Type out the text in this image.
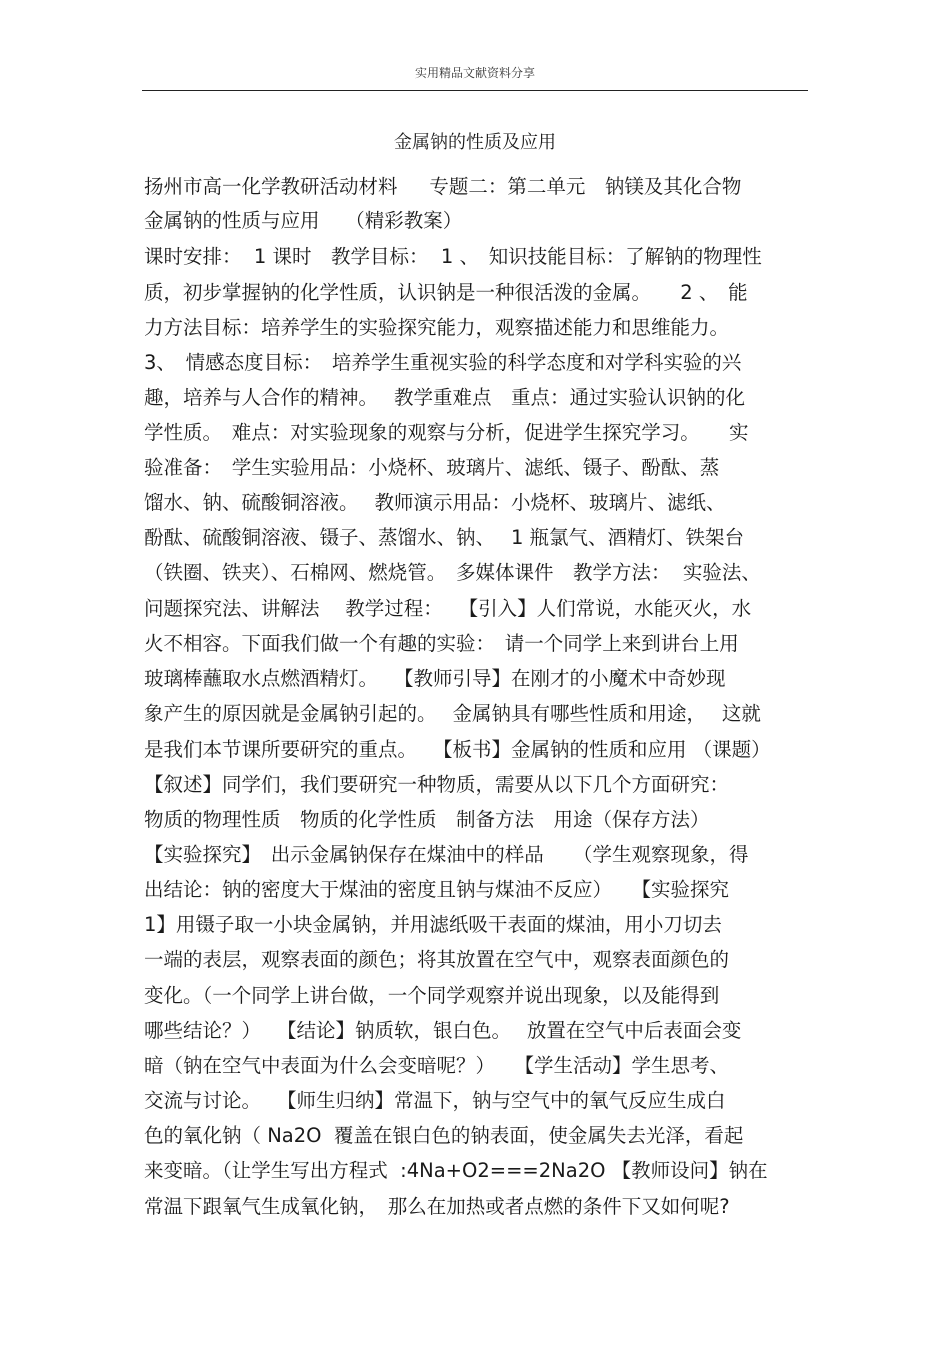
实用精品文献资料分享
金属钠的性质及应用
扬州市高一化学教研活动材料　  专题二：第二单元　钠镁及其化合物
金属钠的性质与应用　 （精彩教案）
课时安排：  1 课时　教学目标：  1 、　知识技能目标：了解钠的物理性
质，初步掌握钠的化学性质，认识钠是一种很活泼的金属。　　2 、　能
力方法目标：培养学生的实验探究能力，观察描述能力和思维能力。
3、　情感态度目标：　培养学生重视实验的科学态度和对学科实验的兴
趣，培养与人合作的精神。　 教学重难点　重点：通过实验认识钠的化
学性质。　难点：对实验现象的观察与分析，促进学生探究学习。　　实
验准备：　学生实验用品：小烧杯、玻璃片、滤纸、镊子、酚酞、蒸
馏水、钠、硫酸铜溶液。　 教师演示用品：小烧杯、玻璃片、滤纸、
酚酞、硫酸铜溶液、镊子、蒸馏水、钠、　 1 瓶氯气、酒精灯、铁架台
（铁圈、铁夹）、石棉网、燃烧管。　多媒体课件　教学方法：  实验法、
问题探究法、讲解法　 教学过程：　 【引入】人们常说，水能灭火，水
火不相容。下面我们做一个有趣的实验：　请一个同学上来到讲台上用
玻璃棒蘸取水点燃酒精灯。　 【教师引导】在刚才的小魔术中奇妙现
象产生的原因就是金属钠引起的。　 金属钠具有哪些性质和用途，　 这就
是我们本节课所要研究的重点。　 【板书】金属钠的性质和应用 （课题）
【叙述】同学们，我们要研究一种物质，需要从以下几个方面研究：
物质的物理性质　物质的化学性质　制备方法　用途（保存方法）
【实验探究】　出示金属钠保存在煤油中的样品　　（学生观察现象，得
出结论：钠的密度大于煤油的密度且钠与煤油不反应）　　【实验探究
1】用镊子取一小块金属钠，并用滤纸吸干表面的煤油，用小刀切去
一端的表层，观察表面的颜色；将其放置在空气中，观察表面颜色的
变化。（一个同学上讲台做，一个同学观察并说出现象，以及能得到
哪些结论？）　 【结论】钠质软，银白色。　 放置在空气中后表面会变
暗（钠在空气中表面为什么会变暗呢？）　　【学生活动】学生思考、
交流与讨论。　 【师生归纳】常温下，钠与空气中的氧气反应生成白
色的氧化钠（ Na2O  覆盖在银白色的钠表面，使金属失去光泽，看起
来变暗。（让学生写出方程式  :4Na+O2===2Na2O 【教师设问】钠在
常温下跟氧气生成氧化钠，　那么在加热或者点燃的条件下又如何呢?
